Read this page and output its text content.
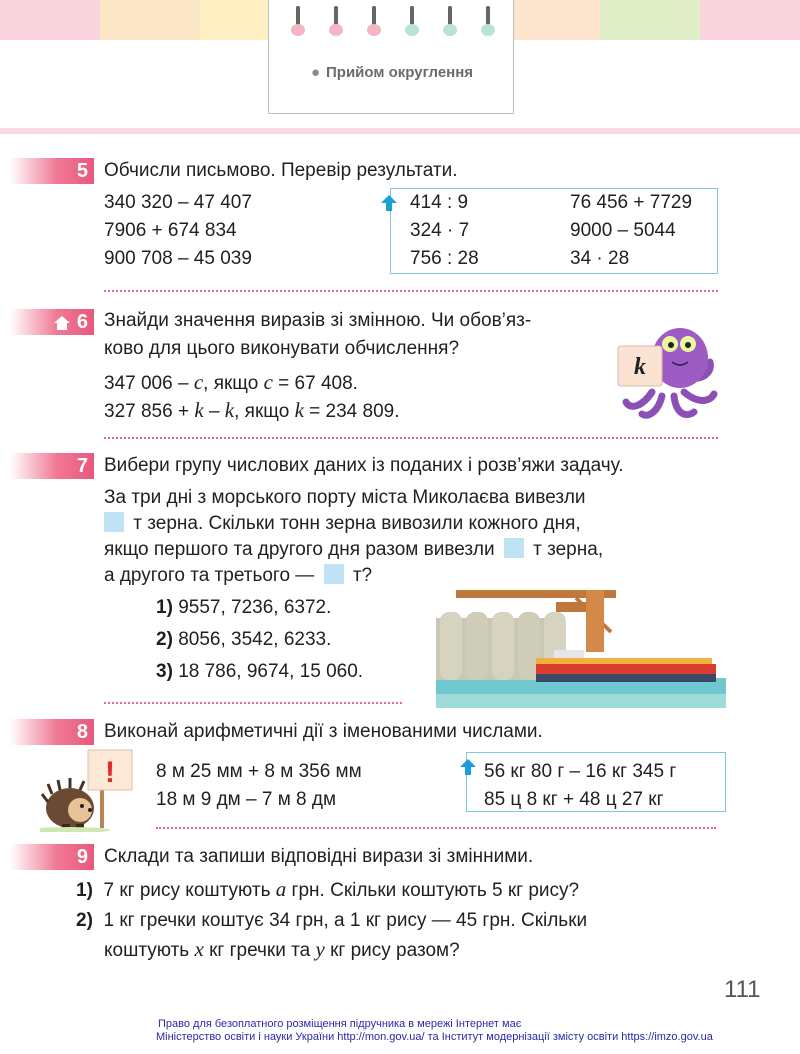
● Прийом округлення
5 Обчисли письмово. Перевір результати.
340 320 – 47 407
7906 + 674 834
900 708 – 45 039
414 : 9
324 · 7
756 : 28
76 456 + 7729
9000 – 5044
34 · 28
6 Знайди значення виразів зі змінною. Чи обов’яз-
ково для цього виконувати обчислення?
347 006 – c, якщо c = 67 408.
327 856 + k – k, якщо k = 234 809.
k
7 Вибери групу числових даних із поданих і розв’яжи задачу.
За три дні з морського порту міста Миколаєва вивезли
т зерна. Скільки тонн зерна вивозили кожного дня,
якщо першого та другого дня разом вивезли т зерна,
а другого та третього — т?
1) 9557, 7236, 6372.
2) 8056, 3542, 6233.
3) 18 786, 9674, 15 060.
8 Виконай арифметичні дії з іменованими числами.
! 8 м 25 мм + 8 м 356 мм
18 м 9 дм – 7 м 8 дм
56 кг 80 г – 16 кг 345 г
85 ц 8 кг + 48 ц 27 кг
9 Склади та запиши відповідні вирази зі змінними.
1) 7 кг рису коштують a грн. Скільки коштують 5 кг рису?
2) 1 кг гречки коштує 34 грн, а 1 кг рису — 45 грн. Скільки
коштують x кг гречки та y кг рису разом?
111
Право для безоплатного розміщення підручника в мережі Інтернет має
Міністерство освіти і науки України http://mon.gov.ua/ та Інститут модернізації змісту освіти https://imzo.gov.ua
